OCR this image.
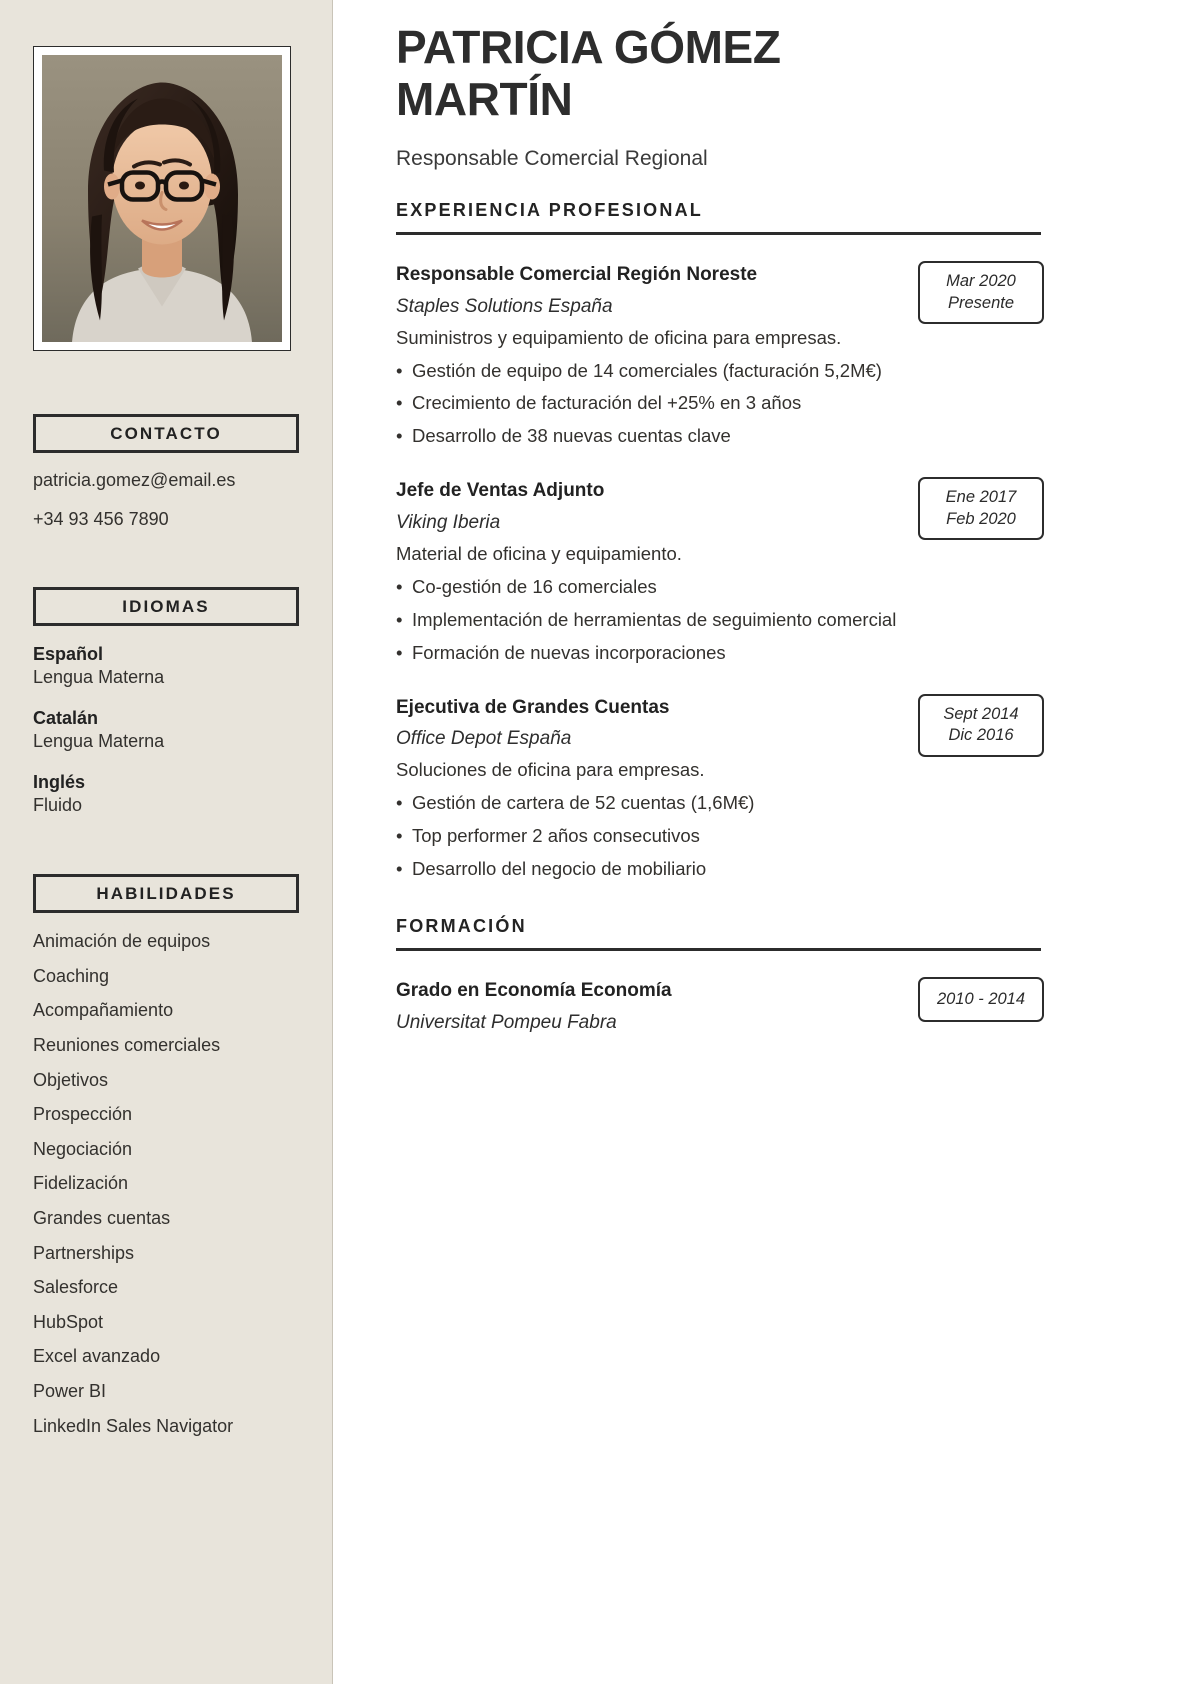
CONTACTO
patricia.gomez@email.es
+34 93 456 7890
IDIOMAS
Español
Lengua Materna
Catalán
Lengua Materna
Inglés
Fluido
HABILIDADES
Animación de equipos
Coaching
Acompañamiento
Reuniones comerciales
Objetivos
Prospección
Negociación
Fidelización
Grandes cuentas
Partnerships
Salesforce
HubSpot
Excel avanzado
Power BI
LinkedIn Sales Navigator
PATRICIA GÓMEZ MARTÍN
Responsable Comercial Regional
EXPERIENCIA PROFESIONAL
Mar 2020
Presente
Responsable Comercial Región Noreste
Staples Solutions España
Suministros y equipamiento de oficina para empresas.
• Gestión de equipo de 14 comerciales (facturación 5,2M€)
• Crecimiento de facturación del +25% en 3 años
• Desarrollo de 38 nuevas cuentas clave
Ene 2017
Feb 2020
Jefe de Ventas Adjunto
Viking Iberia
Material de oficina y equipamiento.
• Co-gestión de 16 comerciales
• Implementación de herramientas de seguimiento comercial
• Formación de nuevas incorporaciones
Sept 2014
Dic 2016
Ejecutiva de Grandes Cuentas
Office Depot España
Soluciones de oficina para empresas.
• Gestión de cartera de 52 cuentas (1,6M€)
• Top performer 2 años consecutivos
• Desarrollo del negocio de mobiliario
FORMACIÓN
2010 - 2014
Grado en Economía Economía
Universitat Pompeu Fabra
